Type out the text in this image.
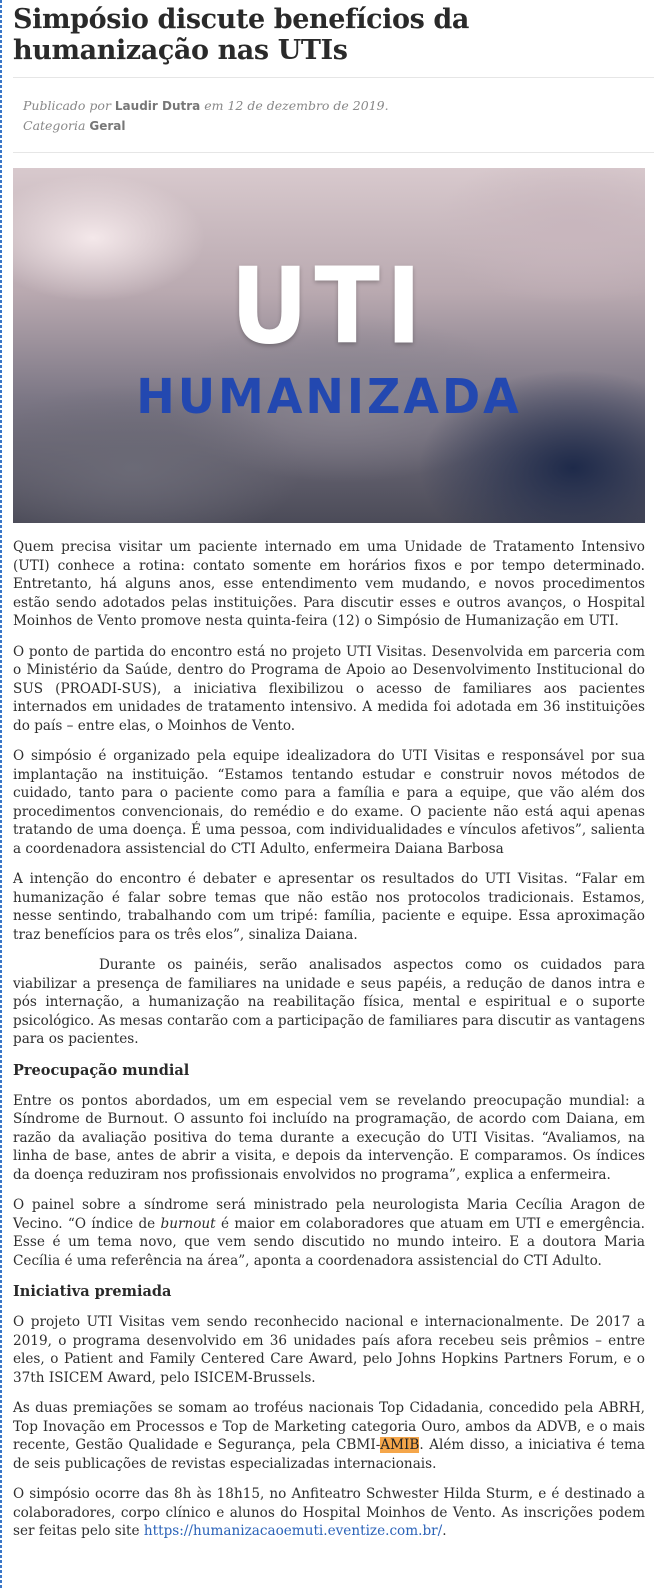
Simpósio discute benefícios da humanização nas UTIs
Publicado por Laudir Dutra em 12 de dezembro de 2019.
Categoria Geral
UTI
HUMANIZADA

Quem precisa visitar um paciente internado em uma Unidade de Tratamento Intensivo (UTI) conhece a rotina: contato somente em horários fixos e por tempo determinado. Entretanto, há alguns anos, esse entendimento vem mudando, e novos procedimentos estão sendo adotados pelas instituições. Para discutir esses e outros avanços, o Hospital Moinhos de Vento promove nesta quinta-feira (12) o Simpósio de Humanização em UTI.

O ponto de partida do encontro está no projeto UTI Visitas. Desenvolvida em parceria com o Ministério da Saúde, dentro do Programa de Apoio ao Desenvolvimento Institucional do SUS (PROADI-SUS), a iniciativa flexibilizou o acesso de familiares aos pacientes internados em unidades de tratamento intensivo. A medida foi adotada em 36 instituições do país – entre elas, o Moinhos de Vento.

O simpósio é organizado pela equipe idealizadora do UTI Visitas e responsável por sua implantação na instituição. “Estamos tentando estudar e construir novos métodos de cuidado, tanto para o paciente como para a família e para a equipe, que vão além dos procedimentos convencionais, do remédio e do exame. O paciente não está aqui apenas tratando de uma doença. É uma pessoa, com individualidades e vínculos afetivos”, salienta a coordenadora assistencial do CTI Adulto, enfermeira Daiana Barbosa

A intenção do encontro é debater e apresentar os resultados do UTI Visitas. “Falar em humanização é falar sobre temas que não estão nos protocolos tradicionais. Estamos, nesse sentindo, trabalhando com um tripé: família, paciente e equipe. Essa aproximação traz benefícios para os três elos”, sinaliza Daiana.

Durante os painéis, serão analisados aspectos como os cuidados para viabilizar a presença de familiares na unidade e seus papéis, a redução de danos intra e pós internação, a humanização na reabilitação física, mental e espiritual e o suporte psicológico. As mesas contarão com a participação de familiares para discutir as vantagens para os pacientes.

Preocupação mundial

Entre os pontos abordados, um em especial vem se revelando preocupação mundial: a Síndrome de Burnout. O assunto foi incluído na programação, de acordo com Daiana, em razão da avaliação positiva do tema durante a execução do UTI Visitas. “Avaliamos, na linha de base, antes de abrir a visita, e depois da intervenção. E comparamos. Os índices da doença reduziram nos profissionais envolvidos no programa”, explica a enfermeira.

O painel sobre a síndrome será ministrado pela neurologista Maria Cecília Aragon de Vecino. “O índice de burnout é maior em colaboradores que atuam em UTI e emergência. Esse é um tema novo, que vem sendo discutido no mundo inteiro. E a doutora Maria Cecília é uma referência na área”, aponta a coordenadora assistencial do CTI Adulto.

Iniciativa premiada

O projeto UTI Visitas vem sendo reconhecido nacional e internacionalmente. De 2017 a 2019, o programa desenvolvido em 36 unidades país afora recebeu seis prêmios – entre eles, o Patient and Family Centered Care Award, pelo Johns Hopkins Partners Forum, e o 37th ISICEM Award, pelo ISICEM-Brussels.

As duas premiações se somam ao troféus nacionais Top Cidadania, concedido pela ABRH, Top Inovação em Processos e Top de Marketing categoria Ouro, ambos da ADVB, e o mais recente, Gestão Qualidade e Segurança, pela CBMI-AMIB. Além disso, a iniciativa é tema de seis publicações de revistas especializadas internacionais.

O simpósio ocorre das 8h às 18h15, no Anfiteatro Schwester Hilda Sturm, e é destinado a colaboradores, corpo clínico e alunos do Hospital Moinhos de Vento. As inscrições podem ser feitas pelo site https://humanizacaoemuti.eventize.com.br/.
